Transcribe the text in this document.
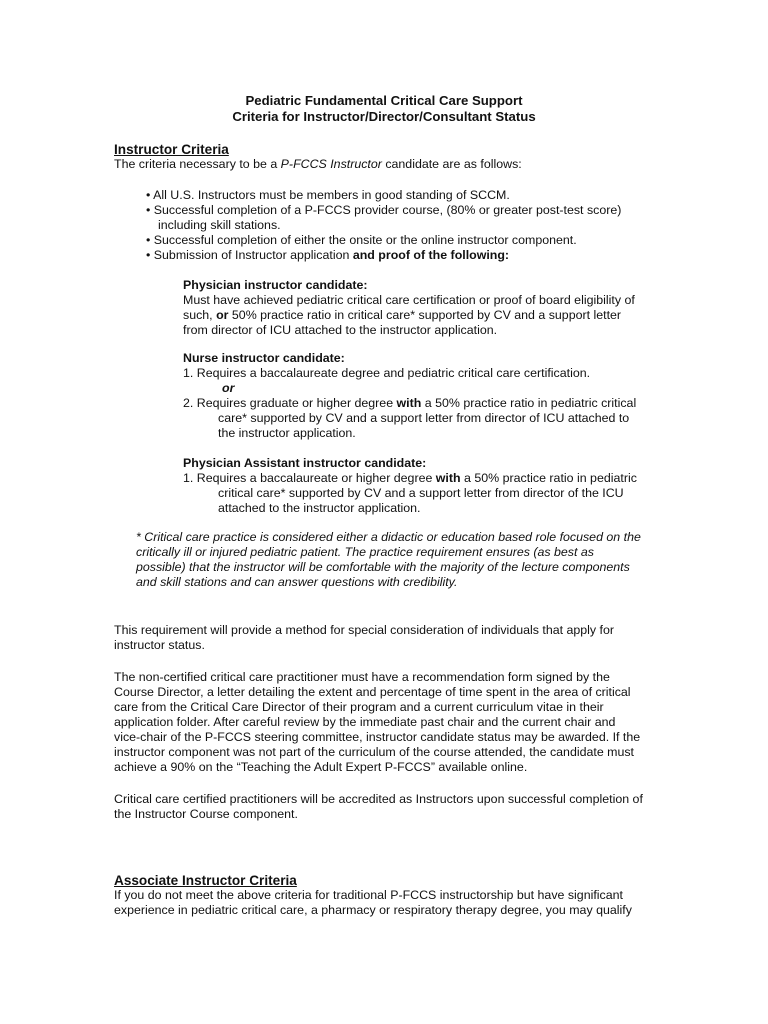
Pediatric Fundamental Critical Care Support
Criteria for Instructor/Director/Consultant Status
Instructor Criteria
The criteria necessary to be a P-FCCS Instructor candidate are as follows:
• All U.S. Instructors must be members in good standing of SCCM.
• Successful completion of a P-FCCS provider course, (80% or greater post-test score)
including skill stations.
• Successful completion of either the onsite or the online instructor component.
• Submission of Instructor application and proof of the following:
Physician instructor candidate:
Must have achieved pediatric critical care certification or proof of board eligibility of
such, or 50% practice ratio in critical care* supported by CV and a support letter
from director of ICU attached to the instructor application.
Nurse instructor candidate:
1. Requires a baccalaureate degree and pediatric critical care certification.
or
2. Requires graduate or higher degree with a 50% practice ratio in pediatric critical
care* supported by CV and a support letter from director of ICU attached to
the instructor application.
Physician Assistant instructor candidate:
1. Requires a baccalaureate or higher degree with a 50% practice ratio in pediatric
critical care* supported by CV and a support letter from director of the ICU
attached to the instructor application.
* Critical care practice is considered either a didactic or education based role focused on the
critically ill or injured pediatric patient. The practice requirement ensures (as best as
possible) that the instructor will be comfortable with the majority of the lecture components
and skill stations and can answer questions with credibility.
This requirement will provide a method for special consideration of individuals that apply for
instructor status.
The non-certified critical care practitioner must have a recommendation form signed by the
Course Director, a letter detailing the extent and percentage of time spent in the area of critical
care from the Critical Care Director of their program and a current curriculum vitae in their
application folder. After careful review by the immediate past chair and the current chair and
vice-chair of the P-FCCS steering committee, instructor candidate status may be awarded. If the
instructor component was not part of the curriculum of the course attended, the candidate must
achieve a 90% on the “Teaching the Adult Expert P-FCCS” available online.
Critical care certified practitioners will be accredited as Instructors upon successful completion of
the Instructor Course component.
Associate Instructor Criteria
If you do not meet the above criteria for traditional P-FCCS instructorship but have significant
experience in pediatric critical care, a pharmacy or respiratory therapy degree, you may qualify
